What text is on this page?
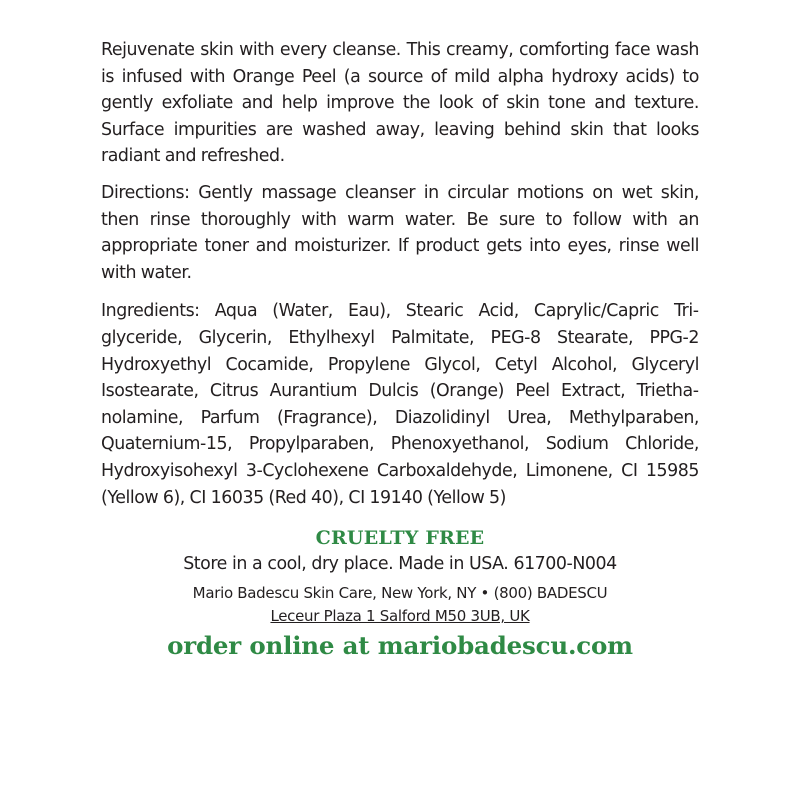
Rejuvenate skin with every cleanse. This creamy, comforting face wash is infused with Orange Peel (a source of mild alpha hydroxy acids) to gently exfoliate and help improve the look of skin tone and texture. Surface impurities are washed away, leaving behind skin that looks radiant and refreshed.

Directions: Gently massage cleanser in circular motions on wet skin, then rinse thoroughly with warm water. Be sure to follow with an appropriate toner and moisturizer. If product gets into eyes, rinse well with water.

Ingredients: Aqua (Water, Eau), Stearic Acid, Caprylic/Capric Triglyceride, Glycerin, Ethylhexyl Palmitate, PEG-8 Stearate, PPG-2 Hydroxyethyl Cocamide, Propylene Glycol, Cetyl Alcohol, Glyceryl Isostearate, Citrus Aurantium Dulcis (Orange) Peel Extract, Triethanolamine, Parfum (Fragrance), Diazolidinyl Urea, Methylparaben, Quaternium-15, Propylparaben, Phenoxyethanol, Sodium Chloride, Hydroxyisohexyl 3-Cyclohexene Carboxaldehyde, Limonene, CI 15985 (Yellow 6), CI 16035 (Red 40), CI 19140 (Yellow 5)

CRUELTY FREE
Store in a cool, dry place. Made in USA. 61700-N004
Mario Badescu Skin Care, New York, NY • (800) BADESCU
Leceur Plaza 1 Salford M50 3UB, UK
order online at mariobadescu.com
